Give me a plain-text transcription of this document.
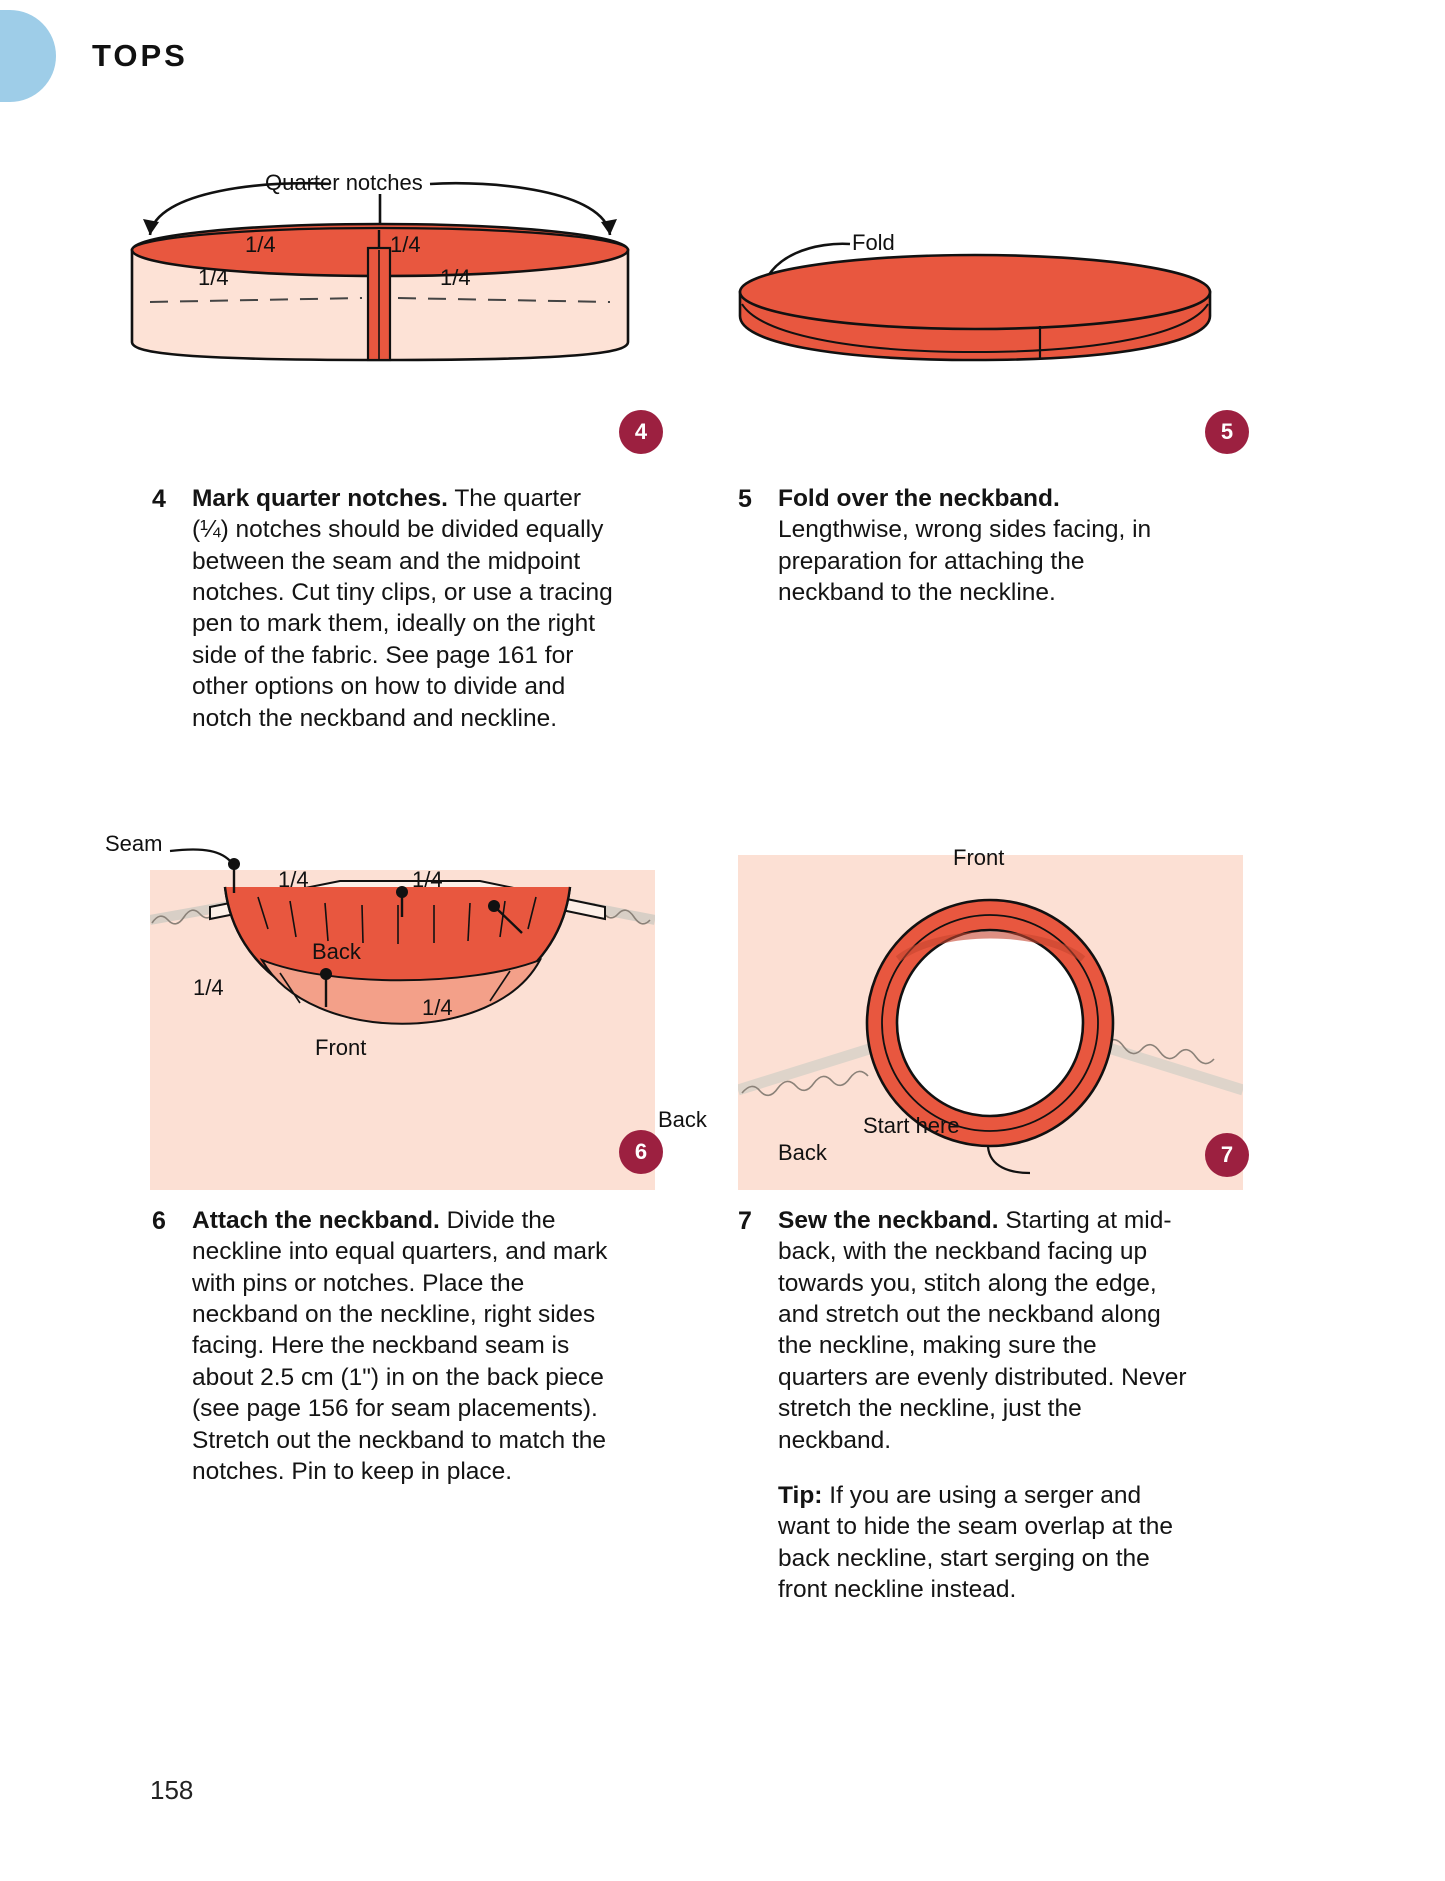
TOPS
Quarter notches
1/4	1/4
1/4	1/4
4
Fold
5
4 Mark quarter notches. The quarter (¼) notches should be divided equally between the seam and the midpoint notches. Cut tiny clips, or use a tracing pen to mark them, ideally on the right side of the fabric. See page 161 for other options on how to divide and notch the neckband and neckline.
5 Fold over the neckband. Lengthwise, wrong sides facing, in preparation for attaching the neckband to the neckline.
Seam
1/4	1/4
1/4
1/4
Back
Front
6
Front
Back	Start here
7
Back
6 Attach the neckband. Divide the neckline into equal quarters, and mark with pins or notches. Place the neckband on the neckline, right sides facing. Here the neckband seam is about 2.5 cm (1") in on the back piece (see page 156 for seam placements). Stretch out the neckband to match the notches. Pin to keep in place.
7 Sew the neckband. Starting at mid-back, with the neckband facing up towards you, stitch along the edge, and stretch out the neckband along the neckline, making sure the quarters are evenly distributed. Never stretch the neckline, just the neckband.
Tip: If you are using a serger and want to hide the seam overlap at the back neckline, start serging on the front neckline instead.
158
